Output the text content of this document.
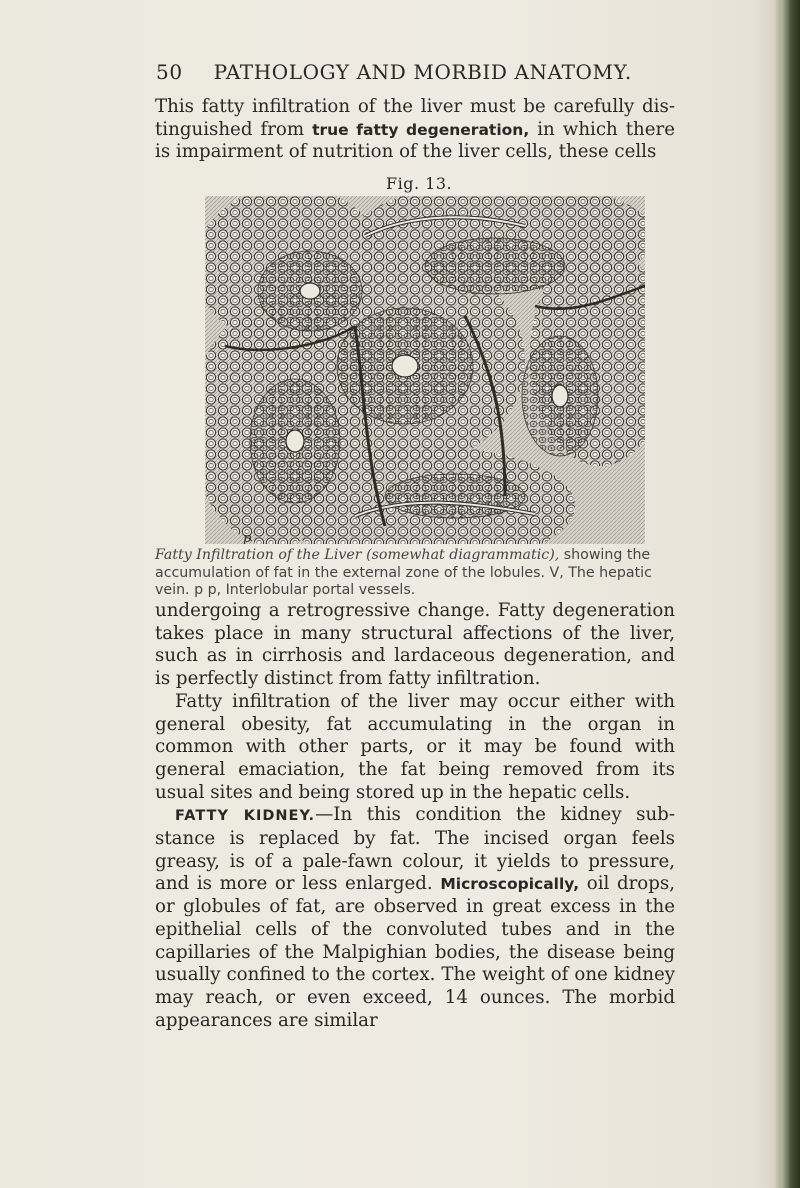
50 PATHOLOGY AND MORBID ANATOMY.

This fatty infiltration of the liver must be carefully distinguished from true fatty degeneration, in which there is impairment of nutrition of the liver cells, these cells

Fig. 13.
p
Fatty Infiltration of the Liver (somewhat diagrammatic), showing the accumulation of fat in the external zone of the lobules. V, The hepatic vein. p p, Interlobular portal vessels.

undergoing a retrogressive change. Fatty degeneration takes place in many structural affections of the liver, such as in cirrhosis and lardaceous degeneration, and is perfectly distinct from fatty infiltration.

Fatty infiltration of the liver may occur either with general obesity, fat accumulating in the organ in common with other parts, or it may be found with general emaciation, the fat being removed from its usual sites and being stored up in the hepatic cells.

FATTY KIDNEY.—In this condition the kidney substance is replaced by fat. The incised organ feels greasy, is of a pale-fawn colour, it yields to pressure, and is more or less enlarged. Microscopically, oil drops, or globules of fat, are observed in great excess in the epithelial cells of the convoluted tubes and in the capillaries of the Malpighian bodies, the disease being usually confined to the cortex. The weight of one kidney may reach, or even exceed, 14 ounces. The morbid appearances are similar
